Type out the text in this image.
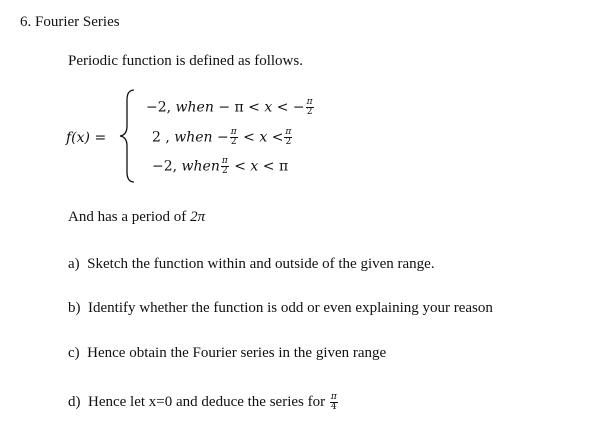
6. Fourier Series
Periodic function is defined as follows.
f(x) =
−2, when − π < x < − $\frac{\pi}{2}$
2 , when − $\frac{\pi}{2} < x < \frac{\pi}{2}$
−2, when $\frac{\pi}{2} < x < \pi$
And has a period of 2π
a) Sketch the function within and outside of the given range.
b) Identify whether the function is odd or even explaining your reason
c) Hence obtain the Fourier series in the given range
d) Hence let x=0 and deduce the series for $\frac{\pi}{4}$
